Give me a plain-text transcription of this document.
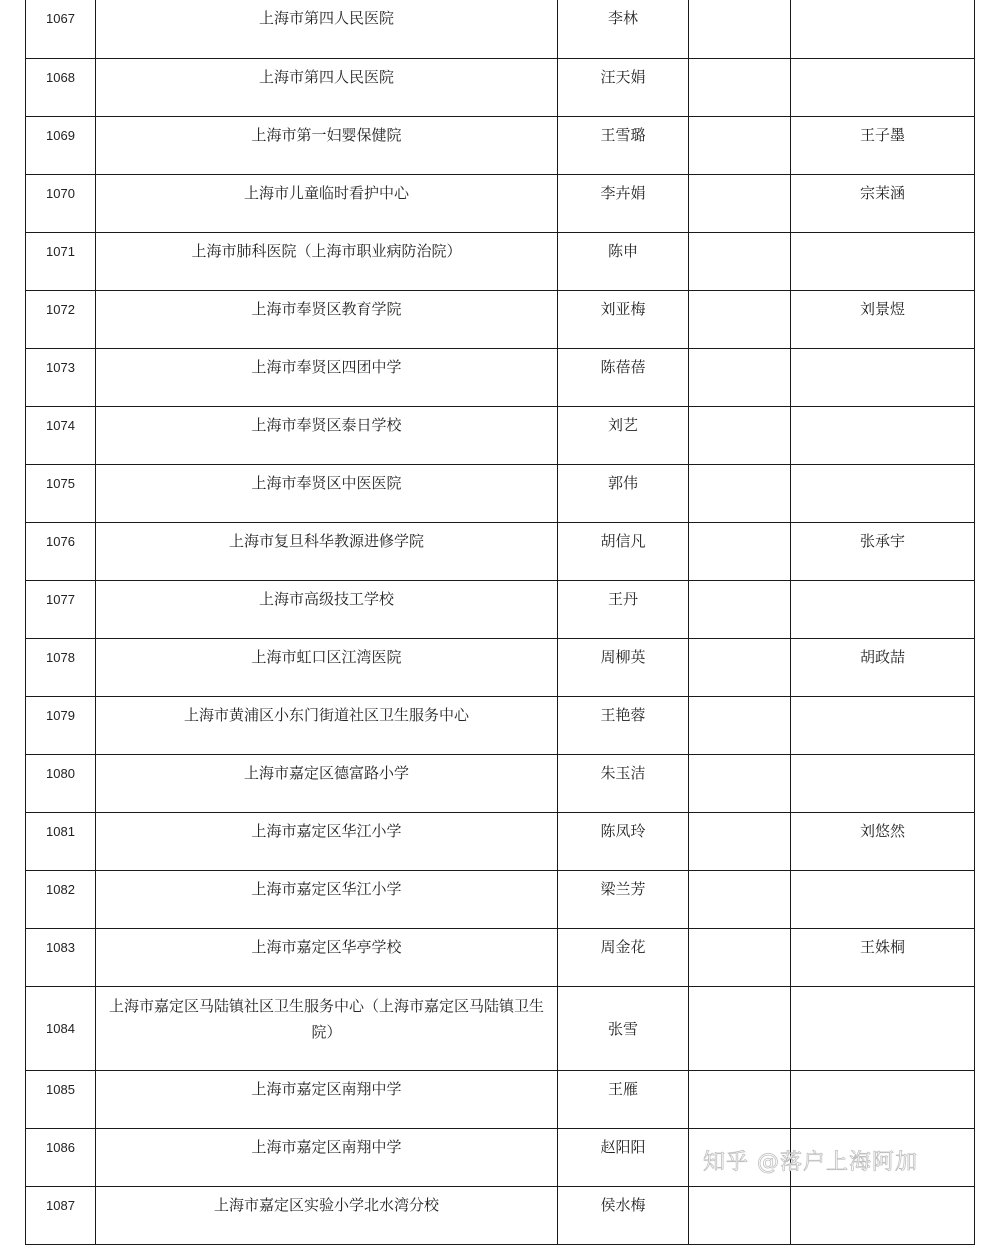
1067	上海市第四人民医院	李林		
1068	上海市第四人民医院	汪天娟		
1069	上海市第一妇婴保健院	王雪璐		王子墨
1070	上海市儿童临时看护中心	李卉娟		宗茉涵
1071	上海市肺科医院（上海市职业病防治院）	陈申		
1072	上海市奉贤区教育学院	刘亚梅		刘景煜
1073	上海市奉贤区四团中学	陈蓓蓓		
1074	上海市奉贤区泰日学校	刘艺		
1075	上海市奉贤区中医医院	郭伟		
1076	上海市复旦科华教源进修学院	胡信凡		张承宇
1077	上海市高级技工学校	王丹		
1078	上海市虹口区江湾医院	周柳英		胡政喆
1079	上海市黄浦区小东门街道社区卫生服务中心	王艳蓉		
1080	上海市嘉定区德富路小学	朱玉洁		
1081	上海市嘉定区华江小学	陈凤玲		刘悠然
1082	上海市嘉定区华江小学	梁兰芳		
1083	上海市嘉定区华亭学校	周金花		王姝桐
1084	上海市嘉定区马陆镇社区卫生服务中心（上海市嘉定区马陆镇卫生院）	张雪		
1085	上海市嘉定区南翔中学	王雁		
1086	上海市嘉定区南翔中学	赵阳阳		
1087	上海市嘉定区实验小学北水湾分校	侯水梅		
知乎 @落户上海阿加
